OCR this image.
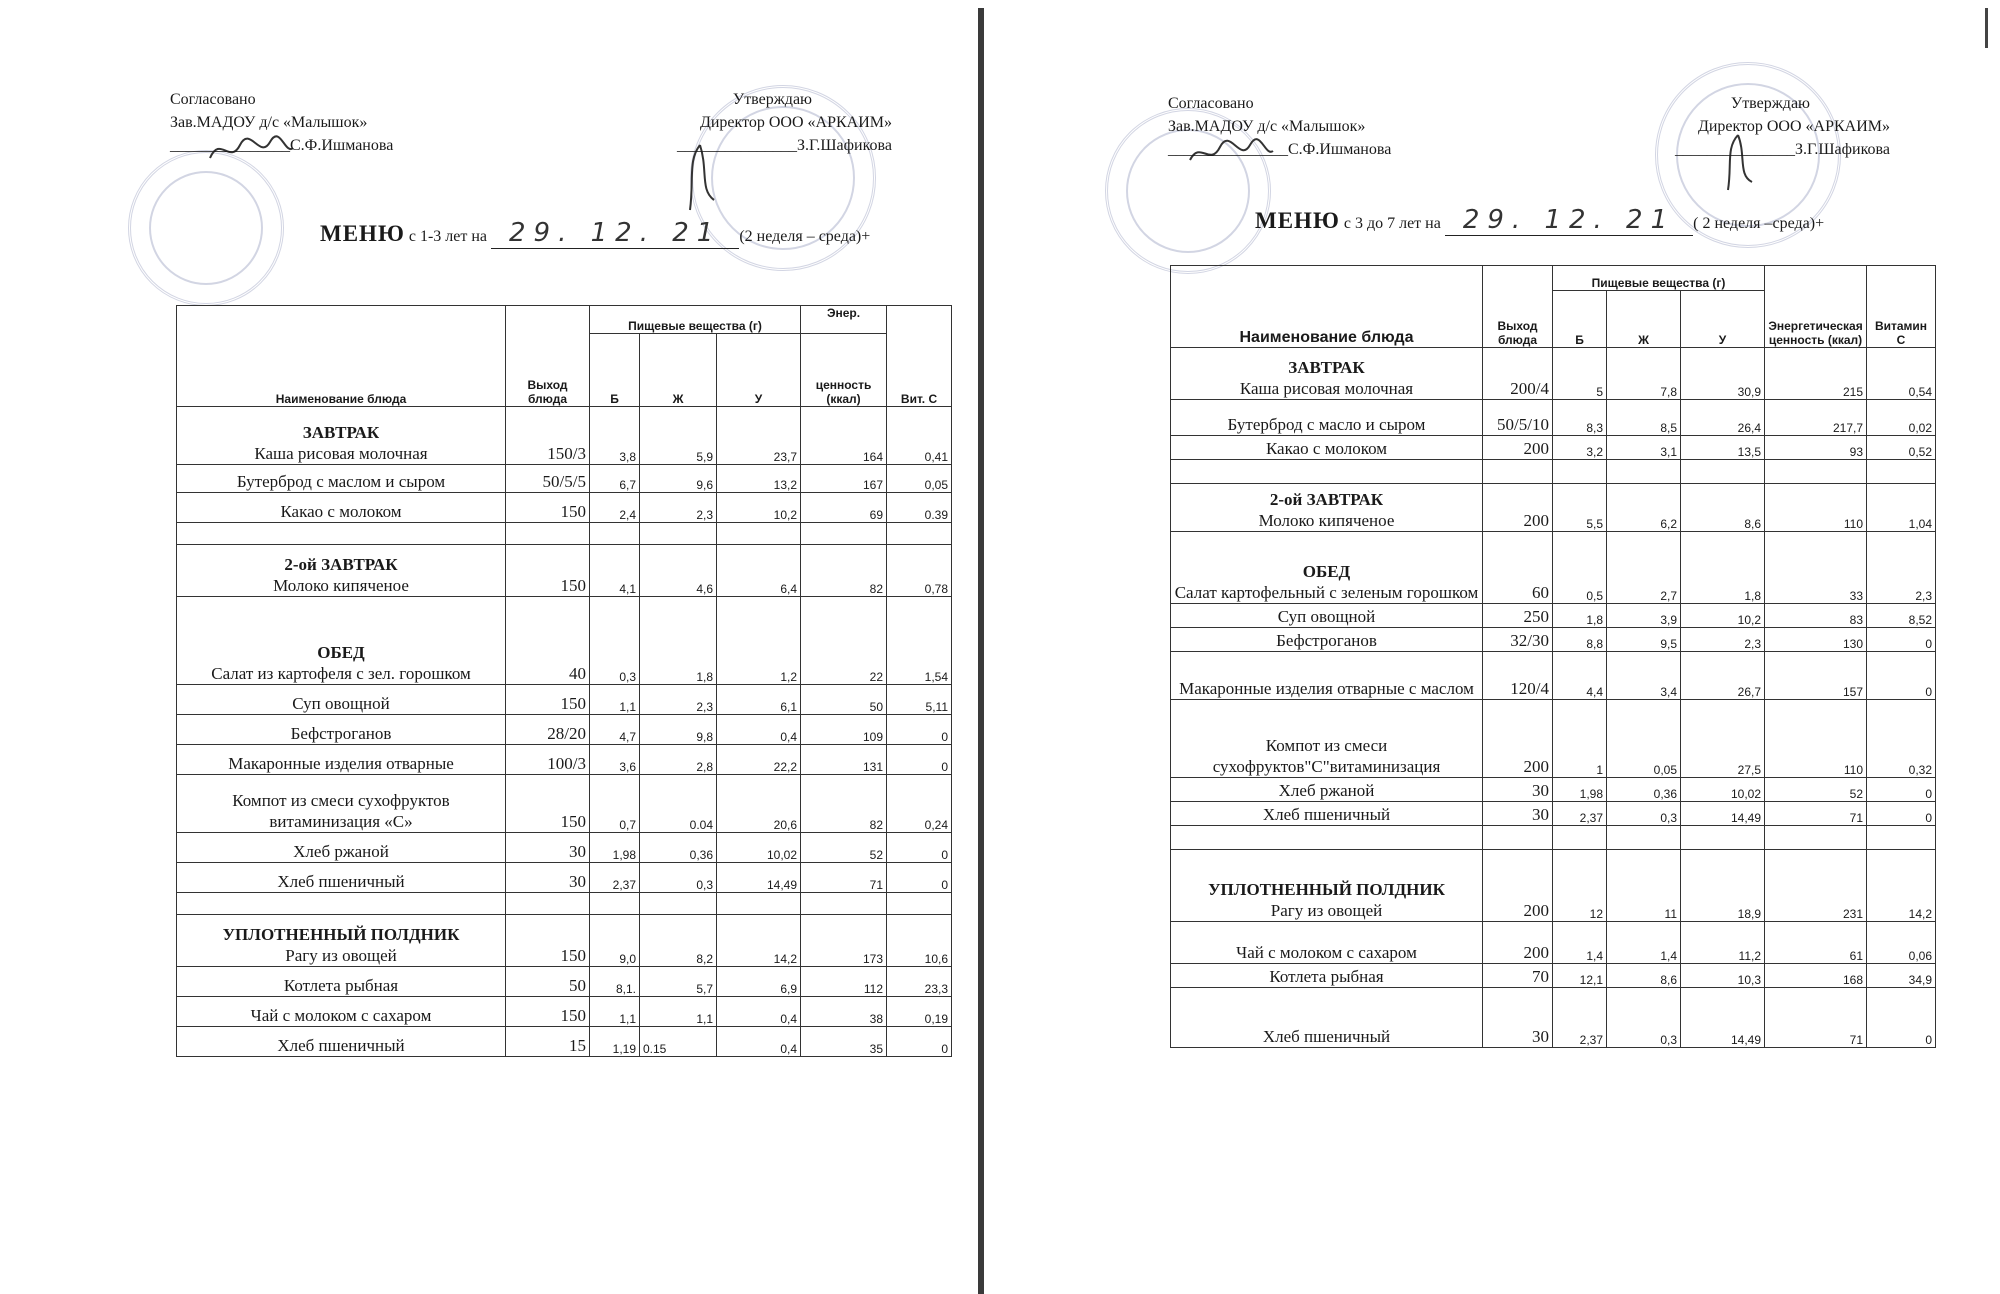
Согласовано
Зав.МАДОУ д/с «Малышок»
_______________С.Ф.Ишманова
Утверждаю
Директор ООО «АРКАИМ»
_______________З.Г.Шафикова
МЕНЮ с 1-3 лет на 29. 12. 21 (2 неделя – среда)+
Наименование блюда	Выход блюда	Пищевые вещества (г)			Энер.	Вит. С
		Б	Ж	У	ценность (ккал)	

ЗАВТРАК
Каша рисовая молочная	150/3	3,8	5,9	23,7	164	0,41
Бутерброд с маслом и сыром	50/5/5	6,7	9,6	13,2	167	0,05
Какао с молоком	150	2,4	2,3	10,2	69	0.39

2-ой ЗАВТРАК
Молоко кипяченое	150	4,1	4,6	6,4	82	0,78

ОБЕД
Салат из картофеля с зел. горошком	40	0,3	1,8	1,2	22	1,54
Суп овощной	150	1,1	2,3	6,1	50	5,11
Бефстроганов	28/20	4,7	9,8	0,4	109	0
Макаронные изделия отварные	100/3	3,6	2,8	22,2	131	0
Компот из смеси сухофруктов витаминизация «С»	150	0,7	0.04	20,6	82	0,24
Хлеб ржаной	30	1,98	0,36	10,02	52	0
Хлеб пшеничный	30	2,37	0,3	14,49	71	0

УПЛОТНЕННЫЙ ПОЛДНИК
Рагу из овощей	150	9,0	8,2	14,2	173	10,6
Котлета рыбная	50	8,1.	5,7	6,9	112	23,3
Чай с молоком с сахаром	150	1,1	1,1	0,4	38	0,19
Хлеб пшеничный	15	1,19	0.15	0,4	35	0
Согласовано
Зав.МАДОУ д/с «Малышок»
_______________С.Ф.Ишманова
Утверждаю
Директор ООО «АРКАИМ»
_______________З.Г.Шафикова
МЕНЮ с 3 до 7 лет на 29. 12. 21 ( 2 неделя –среда)+
Наименование блюда	Выход блюда	Пищевые вещества (г)			Энергетическая ценность (ккал)	Витамин С
		Б	Ж	У		

ЗАВТРАК
Каша рисовая молочная	200/4	5	7,8	30,9	215	0,54
Бутерброд с масло и сыром	50/5/10	8,3	8,5	26,4	217,7	0,02
Какао с молоком	200	3,2	3,1	13,5	93	0,52

2-ой ЗАВТРАК
Молоко кипяченое	200	5,5	6,2	8,6	110	1,04

ОБЕД
Салат картофельный с зеленым горошком	60	0,5	2,7	1,8	33	2,3
Суп овощной	250	1,8	3,9	10,2	83	8,52
Бефстроганов	32/30	8,8	9,5	2,3	130	0
Макаронные изделия отварные с маслом	120/4	4,4	3,4	26,7	157	0
Компот из смеси сухофруктов"С"витаминизация	200	1	0,05	27,5	110	0,32
Хлеб ржаной	30	1,98	0,36	10,02	52	0
Хлеб пшеничный	30	2,37	0,3	14,49	71	0

УПЛОТНЕННЫЙ ПОЛДНИК
Рагу из овощей	200	12	11	18,9	231	14,2
Чай с молоком с сахаром	200	1,4	1,4	11,2	61	0,06
Котлета рыбная	70	12,1	8,6	10,3	168	34,9
Хлеб пшеничный	30	2,37	0,3	14,49	71	0
